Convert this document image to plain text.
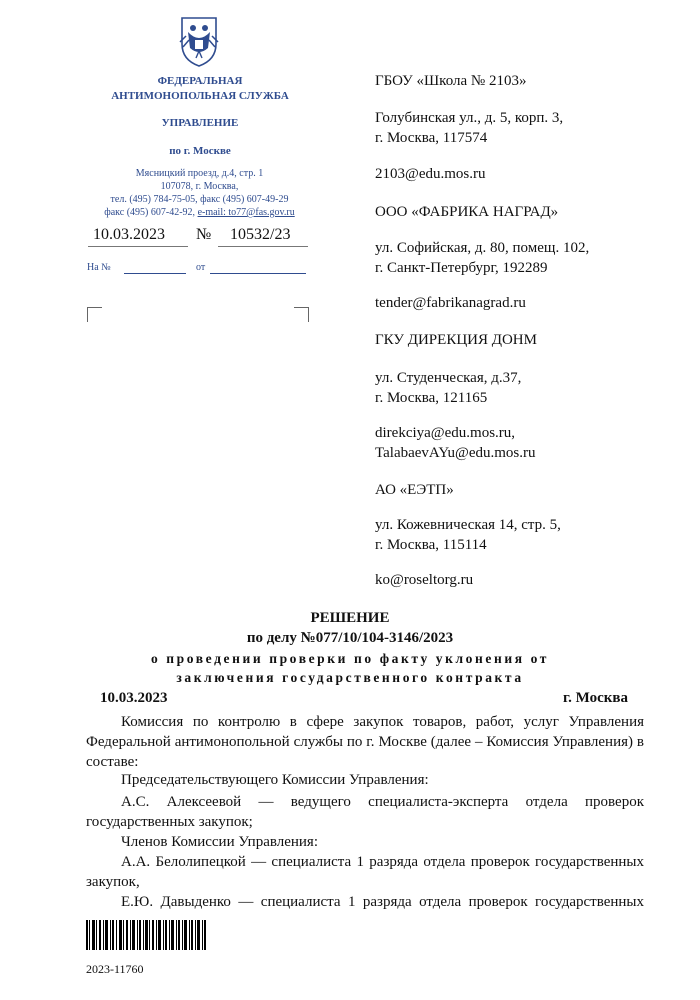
ФЕДЕРАЛЬНАЯ
АНТИМОНОПОЛЬНАЯ СЛУЖБА
УПРАВЛЕНИЕ
по г. Москве
Мясницкий проезд, д.4, стр. 1
107078, г. Москва,
тел. (495) 784-75-05, факс (495) 607-49-29
факс (495) 607-42-92, e-mail: to77@fas.gov.ru
10.03.2023 № 10532/23
На №	от
ГБОУ «Школа № 2103»
Голубинская ул., д. 5, корп. 3,
г. Москва, 117574
2103@edu.mos.ru
ООО «ФАБРИКА НАГРАД»
ул. Софийская, д. 80, помещ. 102,
г. Санкт-Петербург, 192289
tender@fabrikanagrad.ru
ГКУ ДИРЕКЦИЯ ДОНМ
ул. Студенческая, д.37,
г. Москва, 121165
direkciya@edu.mos.ru,
TalabaevAYu@edu.mos.ru
АО «ЕЭТП»
ул. Кожевническая 14, стр. 5,
г. Москва, 115114
ko@roseltorg.ru
РЕШЕНИЕ
по делу №077/10/104-3146/2023
о проведении проверки по факту уклонения от
заключения государственного контракта
10.03.2023	г. Москва
Комиссия по контролю в сфере закупок товаров, работ, услуг Управления Федеральной антимонопольной службы по г. Москве (далее – Комиссия Управления) в составе:
Председательствующего Комиссии Управления:
А.С. Алексеевой — ведущего специалиста-эксперта отдела проверок государственных закупок;
Членов Комиссии Управления:
А.А. Белолипецкой — специалиста 1 разряда отдела проверок государственных закупок,
Е.Ю. Давыденко — специалиста 1 разряда отдела проверок государственных
2023-11760
